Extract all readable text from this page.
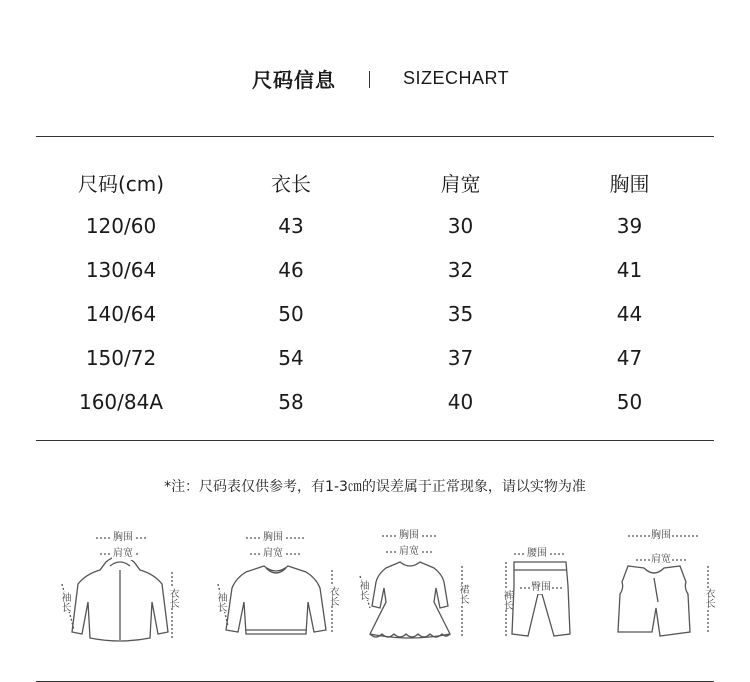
尺码信息	SIZECHART
尺码(cm)	衣长	肩宽	胸围
120/60	43	30	39
130/64	46	32	41
140/64	50	35	44
150/72	54	37	47
160/84A	58	40	50
*注：尺码表仅供参考，有1-3㎝的误差属于正常现象，请以实物为准
胸围
肩宽
袖长	衣长
胸围
肩宽
袖长	衣长
胸围
肩宽
袖长	裙长
腰围
臀围
裤长
胸围
肩宽
衣长
